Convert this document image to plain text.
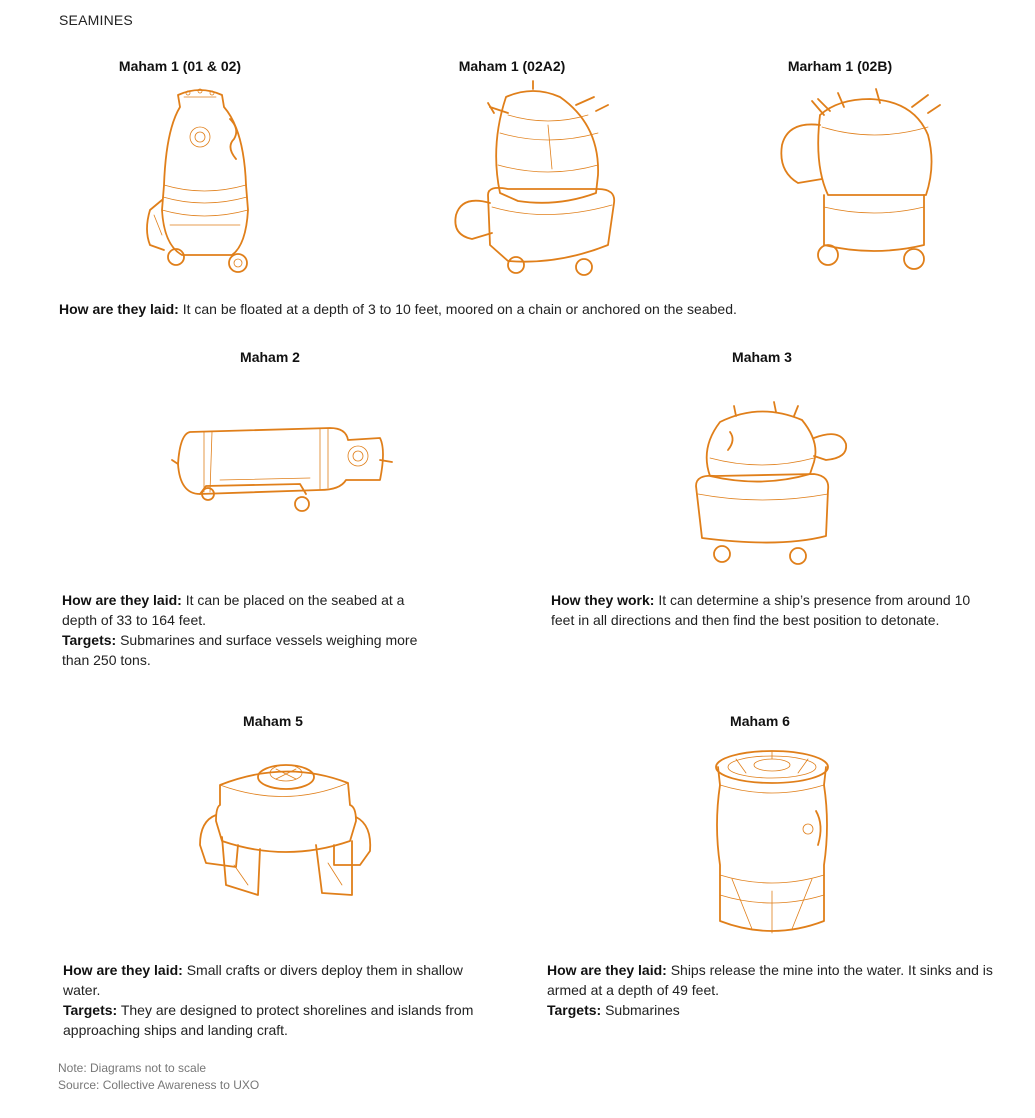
SEAMINES
Maham 1 (01 & 02)	Maham 1 (02A2)	Marham 1 (02B)
How are they laid: It can be floated at a depth of 3 to 10 feet, moored on a chain or anchored on the seabed.
Maham 2	Maham 3
How are they laid: It can be placed on the seabed at a depth of 33 to 164 feet.
Targets: Submarines and surface vessels weighing more than 250 tons.
How they work: It can determine a ship’s presence from around 10 feet in all directions and then find the best position to detonate.
Maham 5	Maham 6
How are they laid: Small crafts or divers deploy them in shallow water.
Targets: They are designed to protect shorelines and islands from approaching ships and landing craft.
How are they laid: Ships release the mine into the water. It sinks and is armed at a depth of 49 feet.
Targets: Submarines
Note: Diagrams not to scale
Source: Collective Awareness to UXO
